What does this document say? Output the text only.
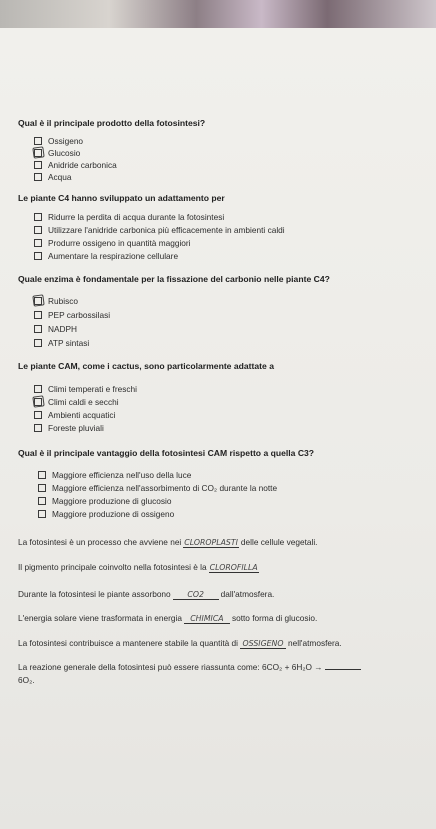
Qual è il principale prodotto della fotosintesi?
Ossigeno
Glucosio
Anidride carbonica
Acqua
Le piante C4 hanno sviluppato un adattamento per
Ridurre la perdita di acqua durante la fotosintesi
Utilizzare l'anidride carbonica più efficacemente in ambienti caldi
Produrre ossigeno in quantità maggiori
Aumentare la respirazione cellulare
Quale enzima è fondamentale per la fissazione del carbonio nelle piante C4?
Rubisco
PEP carbossilasi
NADPH
ATP sintasi
Le piante CAM, come i cactus, sono particolarmente adattate a
Climi temperati e freschi
Climi caldi e secchi
Ambienti acquatici
Foreste pluviali
Qual è il principale vantaggio della fotosintesi CAM rispetto a quella C3?
Maggiore efficienza nell'uso della luce
Maggiore efficienza nell'assorbimento di CO₂ durante la notte
Maggiore produzione di glucosio
Maggiore produzione di ossigeno
La fotosintesi è un processo che avviene nei CLOROPLASTI delle cellule vegetali.
Il pigmento principale coinvolto nella fotosintesi è la CLOROFILLA
Durante la fotosintesi le piante assorbono CO2 dall'atmosfera.
L'energia solare viene trasformata in energia CHIMICA sotto forma di glucosio.
La fotosintesi contribuisce a mantenere stabile la quantità di OSSIGENO nell'atmosfera.
La reazione generale della fotosintesi può essere riassunta come: 6CO₂ + 6H₂O →
6O₂.
